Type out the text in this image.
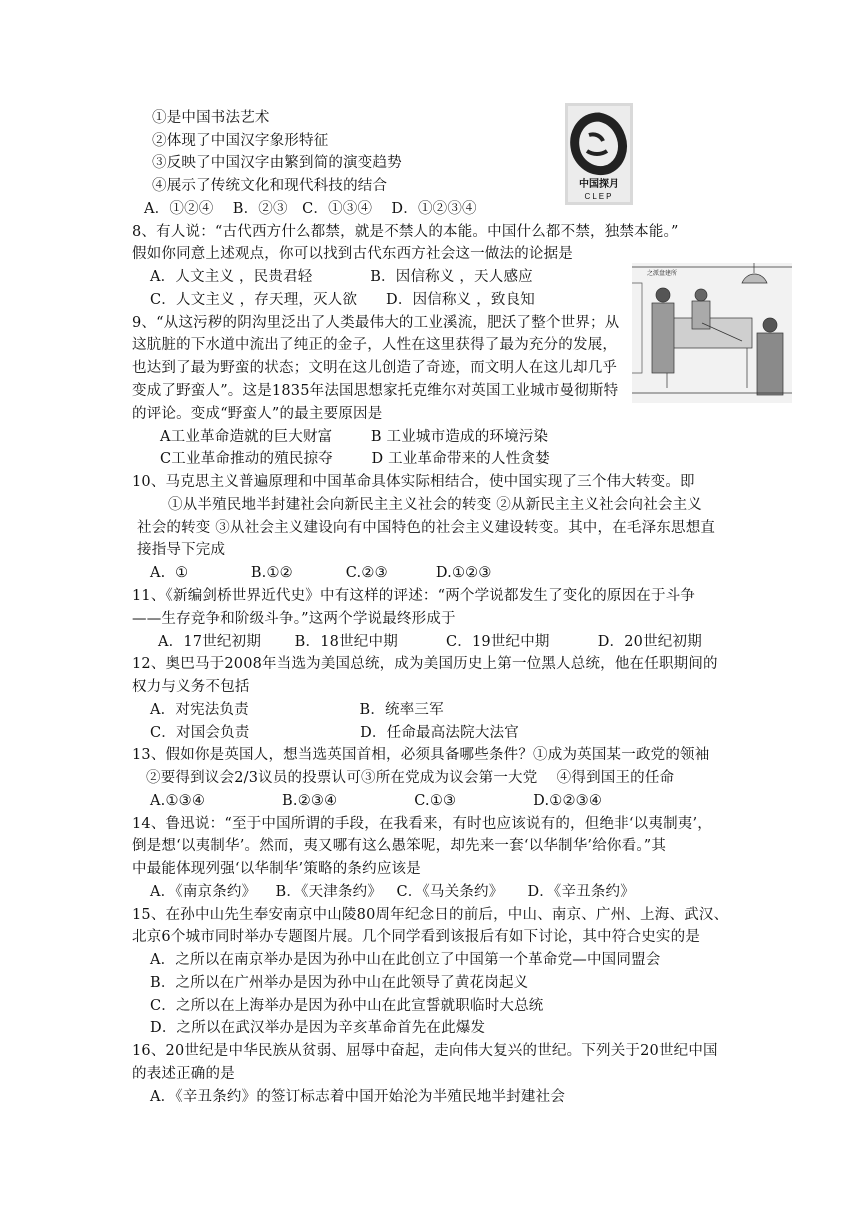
①是中国书法艺术
②体现了中国汉字象形特征
③反映了中国汉字由繁到简的演变趋势
④展示了传统文化和现代科技的结合
A．①②④    B．②③   C．①③④    D．①②③④
8、有人说：“古代西方什么都禁，就是不禁人的本能。中国什么都不禁，独禁本能。”
假如你同意上述观点，你可以找到古代东西方社会这一做法的论据是
A．人文主义 ，民贵君轻            B．因信称义 ，天人感应
C．人文主义 ，存天理，灭人欲      D．因信称义 ，致良知
9、“从这污秽的阴沟里泛出了人类最伟大的工业溪流，肥沃了整个世界；从
这肮脏的下水道中流出了纯正的金子，人性在这里获得了最为充分的发展，
也达到了最为野蛮的状态；文明在这儿创造了奇迹，而文明人在这儿却几乎
变成了野蛮人”。这是1835年法国思想家托克维尔对英国工业城市曼彻斯特
的评论。变成“野蛮人”的最主要原因是
A工业革命造就的巨大财富        B 工业城市造成的环境污染
C工业革命推动的殖民掠夺        D 工业革命带来的人性贪婪
10、马克思主义普遍原理和中国革命具体实际相结合，使中国实现了三个伟大转变。即
①从半殖民地半封建社会向新民主主义社会的转变 ②从新民主主义社会向社会主义
社会的转变 ③从社会主义建设向有中国特色的社会主义建设转变。其中，在毛泽东思想直
接指导下完成
A.  ①             B.①②           C.②③          D.①②③
11、《新编剑桥世界近代史》中有这样的评述：“两个学说都发生了变化的原因在于斗争
——生存竞争和阶级斗争。”这两个学说最终形成于
A．17世纪初期       B．18世纪中期          C．19世纪中期          D．20世纪初期
12、奥巴马于2008年当选为美国总统，成为美国历史上第一位黑人总统，他在任职期间的
权力与义务不包括
A．对宪法负责                       B．统率三军
C．对国会负责                       D．任命最高法院大法官
13、假如你是英国人，想当选英国首相，必须具备哪些条件？①成为英国某一政党的领袖
②要得到议会2/3议员的投票认可③所在党成为议会第一大党    ④得到国王的任命
A.①③④                B.②③④                C.①③                D.①②③④
14、鲁迅说：“至于中国所谓的手段，在我看来，有时也应该说有的，但绝非‘以夷制夷’，
倒是想‘以夷制华’。然而，夷又哪有这么愚笨呢，却先来一套‘以华制华’给你看。”其
中最能体现列强‘以华制华’策略的条约应该是
A．《南京条约》    B．《天津条约》   C．《马关条约》     D．《辛丑条约》
15、在孙中山先生奉安南京中山陵80周年纪念日的前后，中山、南京、广州、上海、武汉、
北京6个城市同时举办专题图片展。几个同学看到该报后有如下讨论，其中符合史实的是
A．之所以在南京举办是因为孙中山在此创立了中国第一个革命党—中国同盟会
B．之所以在广州举办是因为孙中山在此领导了黄花岗起义
C．之所以在上海举办是因为孙中山在此宣誓就职临时大总统
D．之所以在武汉举办是因为辛亥革命首先在此爆发
16、20世纪是中华民族从贫弱、屈辱中奋起，走向伟大复兴的世纪。下列关于20世纪中国
的表述正确的是
A．《辛丑条约》的签订标志着中国开始沦为半殖民地半封建社会
中国探月
CLEP
之派盘建所
